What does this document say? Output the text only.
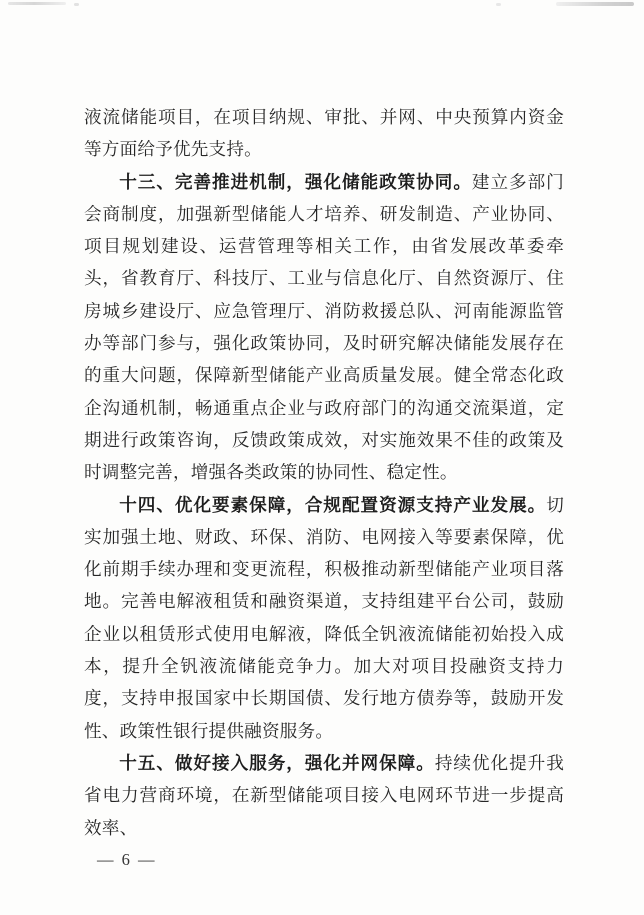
液流储能项目，在项目纳规、审批、并网、中央预算内资金等方面给予优先支持。

十三、完善推进机制，强化储能政策协同。建立多部门会商制度，加强新型储能人才培养、研发制造、产业协同、项目规划建设、运营管理等相关工作，由省发展改革委牵头，省教育厅、科技厅、工业与信息化厅、自然资源厅、住房城乡建设厅、应急管理厅、消防救援总队、河南能源监管办等部门参与，强化政策协同，及时研究解决储能发展存在的重大问题，保障新型储能产业高质量发展。健全常态化政企沟通机制，畅通重点企业与政府部门的沟通交流渠道，定期进行政策咨询，反馈政策成效，对实施效果不佳的政策及时调整完善，增强各类政策的协同性、稳定性。

十四、优化要素保障，合规配置资源支持产业发展。切实加强土地、财政、环保、消防、电网接入等要素保障，优化前期手续办理和变更流程，积极推动新型储能产业项目落地。完善电解液租赁和融资渠道，支持组建平台公司，鼓励企业以租赁形式使用电解液，降低全钒液流储能初始投入成本，提升全钒液流储能竞争力。加大对项目投融资支持力度，支持申报国家中长期国债、发行地方债券等，鼓励开发性、政策性银行提供融资服务。

十五、做好接入服务，强化并网保障。持续优化提升我省电力营商环境，在新型储能项目接入电网环节进一步提高效率、

— 6 —
